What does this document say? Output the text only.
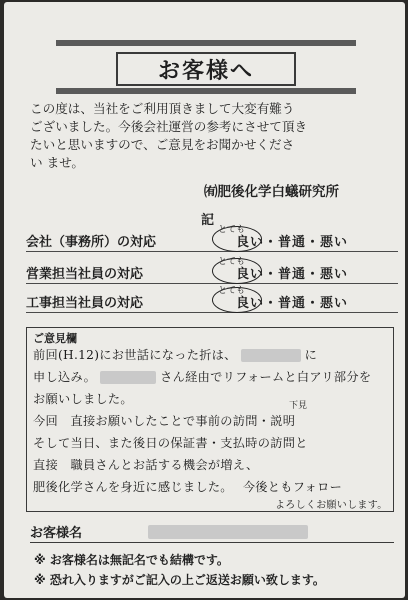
お客様へ
この度は、当社をご利用頂きまして大変有難う
ございました。今後会社運営の参考にさせて頂き
たいと思いますので、ご意見をお聞かせくださ
い ませ。
㈲肥後化学白蟻研究所
記
会社（事務所）の対応
とても
良い・普通・悪い
営業担当社員の対応
とても
良い・普通・悪い
工事担当社員の対応
とても
良い・普通・悪い
ご意見欄
下見
前回(H.12)にお世話になった折は、	に
申し込み。	さん経由でリフォームと白アリ部分を
お願いしました。
今回　直接お願いしたことで事前の訪問・説明
そして当日、また後日の保証書・支払時の訪問と
直接　職員さんとお話する機会が増え、
肥後化学さんを身近に感じました。 今後ともフォロー
よろしくお願いします。
お客様名
※ お客様名は無記名でも結構です。
※ 恐れ入りますがご記入の上ご返送お願い致します。
